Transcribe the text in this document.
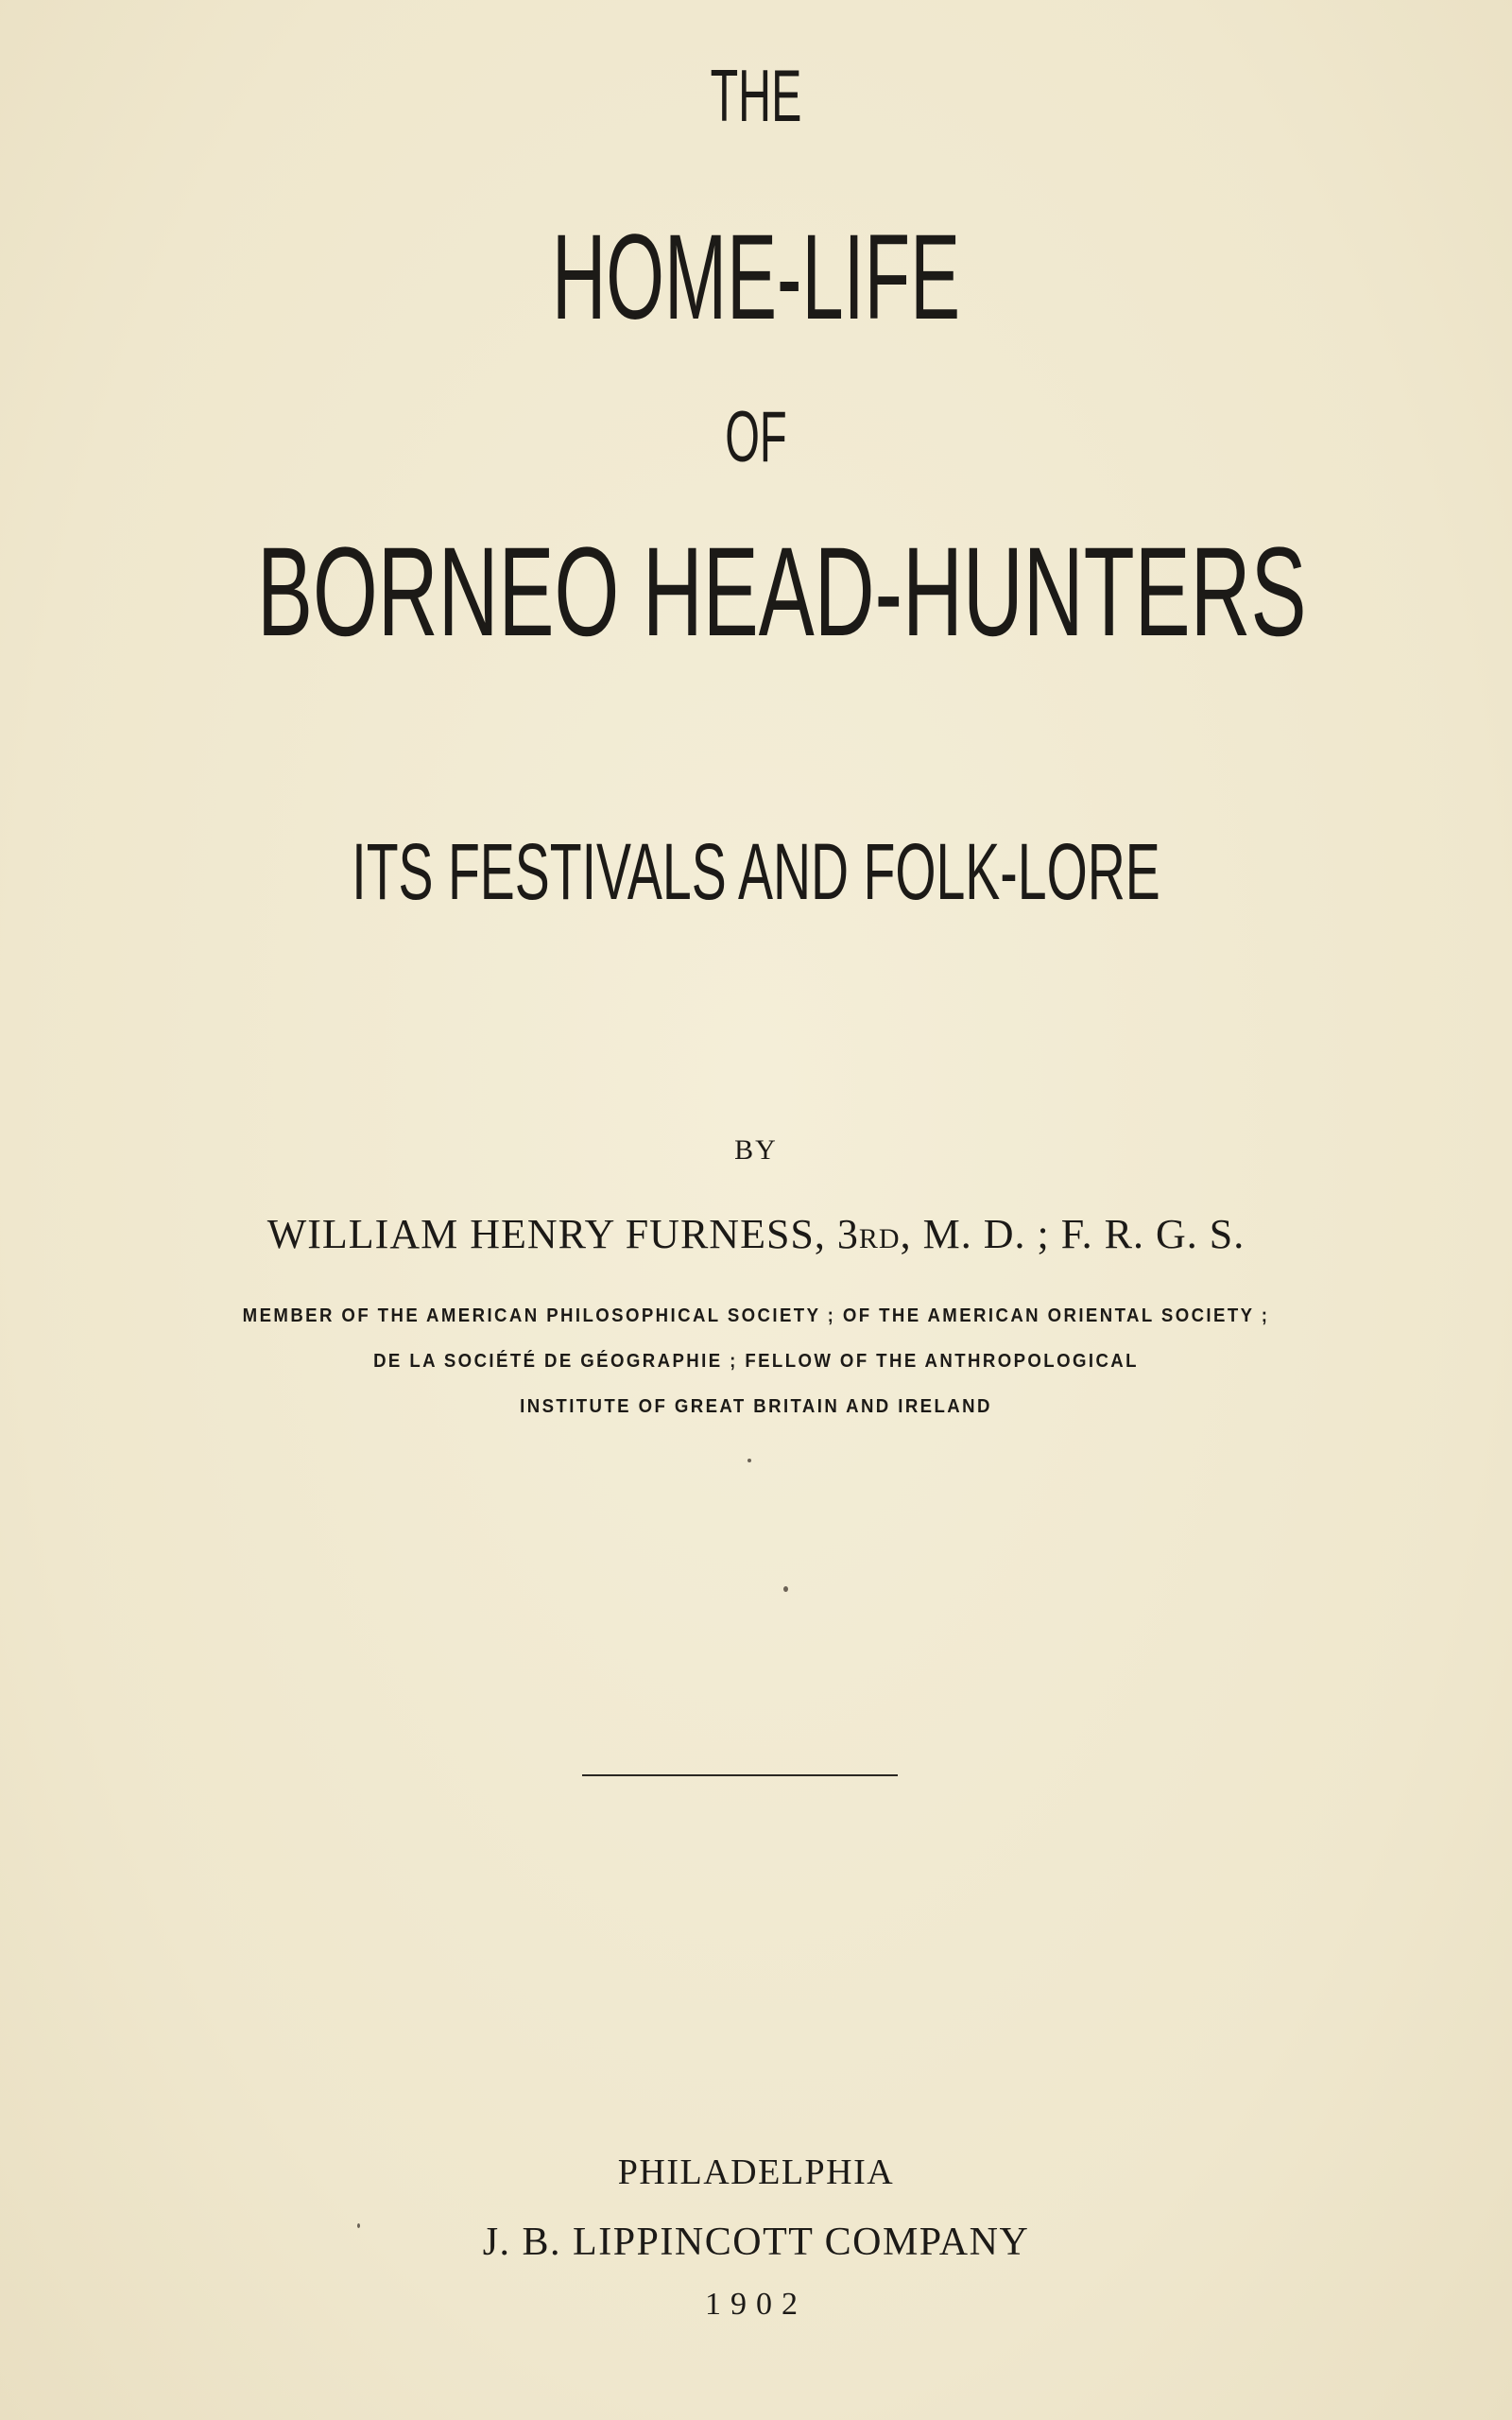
THE
HOME-LIFE
OF
BORNEO HEAD-HUNTERS
ITS FESTIVALS AND FOLK-LORE
BY
WILLIAM HENRY FURNESS, 3RD, M. D. ; F. R. G. S.
MEMBER OF THE AMERICAN PHILOSOPHICAL SOCIETY ; OF THE AMERICAN ORIENTAL SOCIETY ;
DE LA SOCIÉTÉ DE GÉOGRAPHIE ; FELLOW OF THE ANTHROPOLOGICAL
INSTITUTE OF GREAT BRITAIN AND IRELAND
PHILADELPHIA
J. B. LIPPINCOTT COMPANY
1902
